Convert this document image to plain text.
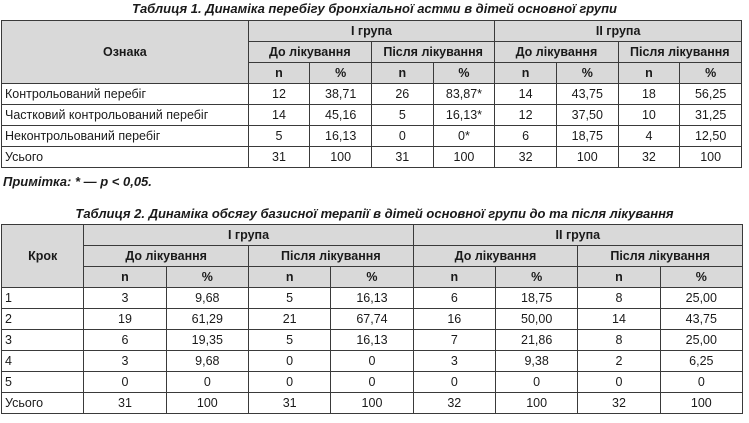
Таблиця 1. Динаміка перебігу бронхіальної астми в дітей основної групи
Ознака	I група				II група			
	До лікування		Після лікування		До лікування		Після лікування	
	n	%	n	%	n	%	n	%
Контрольований перебіг	12	38,71	26	83,87*	14	43,75	18	56,25
Частковий контрольований перебіг	14	45,16	5	16,13*	12	37,50	10	31,25
Неконтрольований перебіг	5	16,13	0	0*	6	18,75	4	12,50
Усього	31	100	31	100	32	100	32	100
Примітка: * — p < 0,05.
Таблиця 2. Динаміка обсягу базисної терапії в дітей основної групи до та після лікування
Крок	I група				II група			
	До лікування		Після лікування		До лікування		Після лікування	
	n	%	n	%	n	%	n	%
1	3	9,68	5	16,13	6	18,75	8	25,00
2	19	61,29	21	67,74	16	50,00	14	43,75
3	6	19,35	5	16,13	7	21,86	8	25,00
4	3	9,68	0	0	3	9,38	2	6,25
5	0	0	0	0	0	0	0	0
Усього	31	100	31	100	32	100	32	100
